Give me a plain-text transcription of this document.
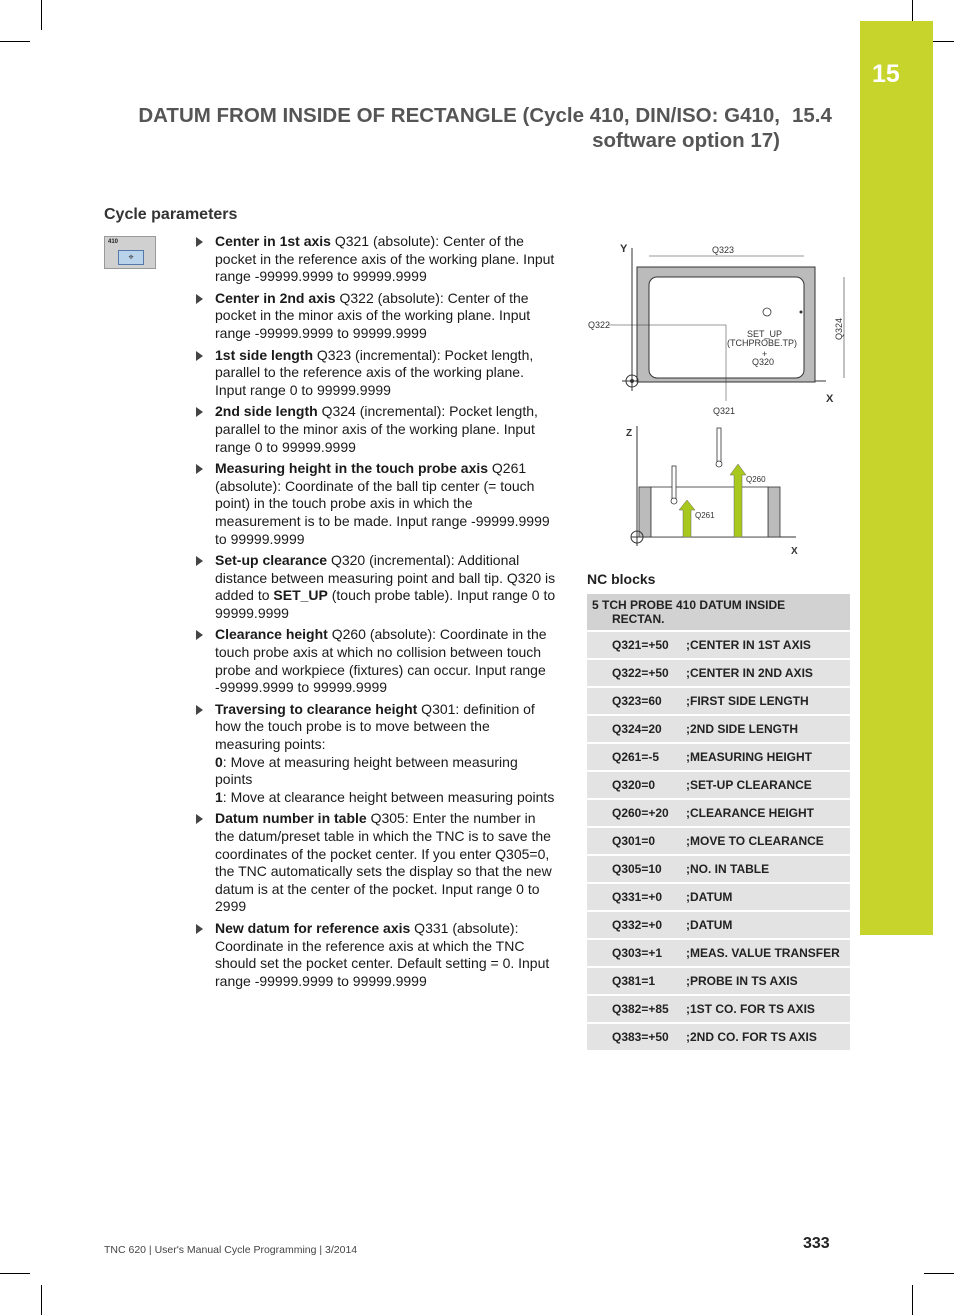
15
DATUM FROM INSIDE OF RECTANGLE (Cycle 410, DIN/ISO: G410,
software option 17)
15.4
Cycle parameters
410
⌖
Center in 1st axis Q321 (absolute): Center of the pocket in the reference axis of the working plane. Input range -99999.9999 to 99999.9999
Center in 2nd axis Q322 (absolute): Center of the pocket in the minor axis of the working plane. Input range -99999.9999 to 99999.9999
1st side length Q323 (incremental): Pocket length, parallel to the reference axis of the working plane. Input range 0 to 99999.9999
2nd side length Q324 (incremental): Pocket length, parallel to the minor axis of the working plane. Input range 0 to 99999.9999
Measuring height in the touch probe axis Q261 (absolute): Coordinate of the ball tip center (= touch point) in the touch probe axis in which the measurement is to be made. Input range -99999.9999 to 99999.9999
Set-up clearance Q320 (incremental): Additional distance between measuring point and ball tip. Q320 is added to SET_UP (touch probe table). Input range 0 to 99999.9999
Clearance height Q260 (absolute): Coordinate in the touch probe axis at which no collision between touch probe and workpiece (fixtures) can occur. Input range -99999.9999 to 99999.9999
Traversing to clearance height Q301: definition of how the touch probe is to move between the measuring points:
0: Move at measuring height between measuring points
1: Move at clearance height between measuring points
Datum number in table Q305: Enter the number in the datum/preset table in which the TNC is to save the coordinates of the pocket center. If you enter Q305=0, the TNC automatically sets the display so that the new datum is at the center of the pocket. Input range 0 to 2999
New datum for reference axis Q331 (absolute): Coordinate in the reference axis at which the TNC should set the pocket center. Default setting = 0. Input range -99999.9999 to 99999.9999
Y
X
Q323
Q322	Q324
Q321
SET_UP
(TCHPROBE.TP)
+
Q320
Z
X
Q261
Q260
NC blocks
5 TCH PROBE 410 DATUM INSIDE
RECTAN.	

Q321=+50	;CENTER IN 1ST AXIS
Q322=+50	;CENTER IN 2ND AXIS
Q323=60	;FIRST SIDE LENGTH
Q324=20	;2ND SIDE LENGTH
Q261=-5	;MEASURING HEIGHT
Q320=0	;SET-UP CLEARANCE
Q260=+20	;CLEARANCE HEIGHT
Q301=0	;MOVE TO CLEARANCE
Q305=10	;NO. IN TABLE
Q331=+0	;DATUM
Q332=+0	;DATUM
Q303=+1	;MEAS. VALUE TRANSFER
Q381=1	;PROBE IN TS AXIS
Q382=+85	;1ST CO. FOR TS AXIS
Q383=+50	;2ND CO. FOR TS AXIS
TNC 620 | User's Manual Cycle Programming | 3/2014	333
